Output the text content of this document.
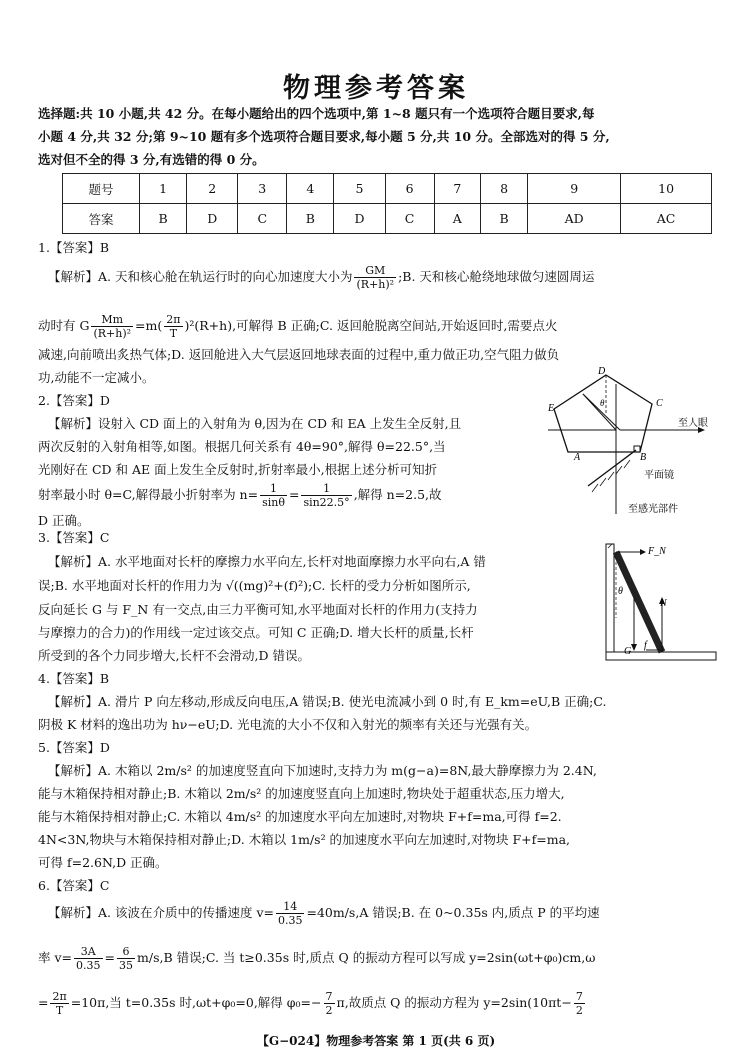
物理参考答案
选择题:共 10 小题,共 42 分。在每小题给出的四个选项中,第 1~8 题只有一个选项符合题目要求,每
小题 4 分,共 32 分;第 9~10 题有多个选项符合题目要求,每小题 5 分,共 10 分。全部选对的得 5 分,
选对但不全的得 3 分,有选错的得 0 分。
题号	1	2	3	4	5	6	7	8	9	10
答案	B	D	C	B	D	C	A	B	AD	AC
1.【答案】B
【解析】A. 天和核心舱在轨运行时的向心加速度大小为 $\frac{GM}{\text{(R+h)²}}$ ;B. 天和核心舱绕地球做匀速圆周运
动时有 G $\frac{Mm}{\text{(R+h)²}} =m( \frac{2\pi}{T} )^2(R+h)$,可解得 B 正确;C. 返回舱脱离空间站,开始返回时,需要点火
减速,向前喷出炙热气体;D. 返回舱进入大气层返回地球表面的过程中,重力做正功,空气阻力做负
功,动能不一定减小。
2.【答案】D
【解析】设射入 CD 面上的入射角为 θ,因为在 CD 和 EA 上发生全反射,且
两次反射的入射角相等,如图。根据几何关系有 4θ=90°,解得 θ=22.5°,当
光刚好在 CD 和 AE 面上发生全反射时,折射率最小,根据上述分析可知折
射率最小时 θ=C,解得最小折射率为 $n= \frac{1}{\sin\theta} = \frac{1}{\sin 22.5^\circ}$ ,解得 n=2.5,故
D 正确。
D
E	C
A	B
θ
至人眼
平面镜
至感光部件
3.【答案】C
【解析】A. 水平地面对长杆的摩擦力水平向左,长杆对地面摩擦力水平向右,A 错
误;B. 水平地面对长杆的作用力为 √((mg)²+(f)²);C. 长杆的受力分析如图所示,
反向延长 G 与 F_N 有一交点,由三力平衡可知,水平地面对长杆的作用力(支持力
与摩擦力的合力)的作用线一定过该交点。可知 C 正确;D. 增大长杆的质量,长杆
所受到的各个力同步增大,长杆不会滑动,D 错误。
F_N
θ
N
G
f
4.【答案】B
【解析】A. 滑片 P 向左移动,形成反向电压,A 错误;B. 使光电流减小到 0 时,有 E_km=eU,B 正确;C.
阴极 K 材料的逸出功为 hν−eU;D. 光电流的大小不仅和入射光的频率有关还与光强有关。
5.【答案】D
【解析】A. 木箱以 2m/s² 的加速度竖直向下加速时,支持力为 m(g−a)=8N,最大静摩擦力为 2.4N,
能与木箱保持相对静止;B. 木箱以 2m/s² 的加速度竖直向上加速时,物块处于超重状态,压力增大,
能与木箱保持相对静止;C. 木箱以 4m/s² 的加速度水平向左加速时,对物块 F+f=ma,可得 f=2.
4N<3N,物块与木箱保持相对静止;D. 木箱以 1m/s² 的加速度水平向左加速时,对物块 F+f=ma,
可得 f=2.6N,D 正确。
6.【答案】C
【解析】A. 该波在介质中的传播速度 $v= \frac{14}{0.35} =40m/s,A$ 错误;B. 在 0~0.35s 内,质点 P 的平均速
率 $v= \frac{3A}{0.35} = \frac{6}{35} m/s,B$ 错误;C. 当 t≥0.35s 时,质点 Q 的振动方程可以写成 y=2sin(ωt+φ₀)cm,ω
= $\frac{2\pi}{T} =10\pi$,当 t=0.35s 时,ωt+φ₀=0,解得 $\varphi_0=- \frac{7}{2} \pi$,故质点 Q 的振动方程为 $y=2\sin(10\pi t- \frac{7}{2}$
【G−024】物理参考答案 第 1 页(共 6 页)
